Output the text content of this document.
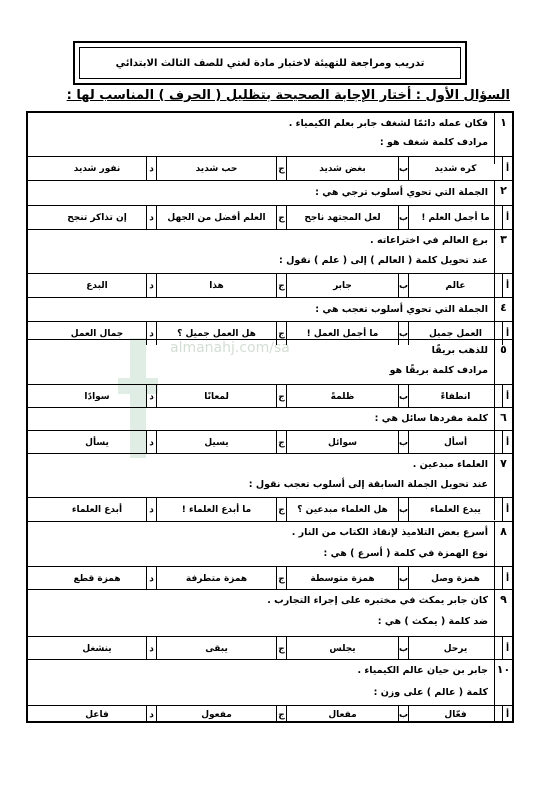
تدريب ومراجعة للتهيئة لاختبار مادة لغتي للصف الثالث الابتدائي
السؤال الأول : أختار الإجابة الصحيحة بتظليل ( الحرف ) المناسب لها :
almanahj.com/sa
١
فكان عمله دائمًا لشغف جابر بعلم الكيمياء .
مرادف كلمة شغف هو :
أ
كره شديد
ب
بغض شديد
ج
حب شديد
د
نفور شديد
٢
الجملة التي تحوي أسلوب ترجي هي :
أ
ما أجمل العلم !
ب
لعل المجتهد ناجح
ج
العلم أفضل من الجهل
د
إن تذاكر تنجح
٣
برع العالم في اختراعاته .
عند تحويل كلمة ( العالم ) إلى ( علم ) نقول :
أ
عالم
ب
جابر
ج
هذا
د
البدع
٤
الجملة التي تحوي أسلوب تعجب هي :
أ
العمل جميل
ب
ما أجمل العمل !
ج
هل العمل جميل ؟
د
جمال العمل
٥
للذهب بريقًا
مرادف كلمة بريقًا هو
أ
انطفاءً
ب
ظلمةً
ج
لمعانًا
د
سوادًا
٦
كلمة مفردها سائل هي :
أ
أسأل
ب
سوائل
ج
يسيل
د
يسأل
٧
العلماء مبدعين .
عند تحويل الجملة السابقة إلى أسلوب تعجب نقول :
أ
يبدع العلماء
ب
هل العلماء مبدعين ؟
ج
ما أبدع العلماء !
د
أبدع العلماء
٨
أسرع بعض التلاميذ لإنقاذ الكتاب من النار .
نوع الهمزة في كلمة ( أسرع ) هي :
أ
همزة وصل
ب
همزة متوسطة
ج
همزة متطرفة
د
همزة قطع
٩
كان جابر يمكث في مختبره على إجراء التجارب .
ضد كلمة ( يمكث ) هي :
أ
يرحل
ب
يجلس
ج
يبقى
د
ينشغل
١٠
جابر بن حيان عالم الكيمياء .
كلمة ( عالم ) على وزن :
أ
فعّال
ب
مفعال
ج
مفعول
د
فاعل
